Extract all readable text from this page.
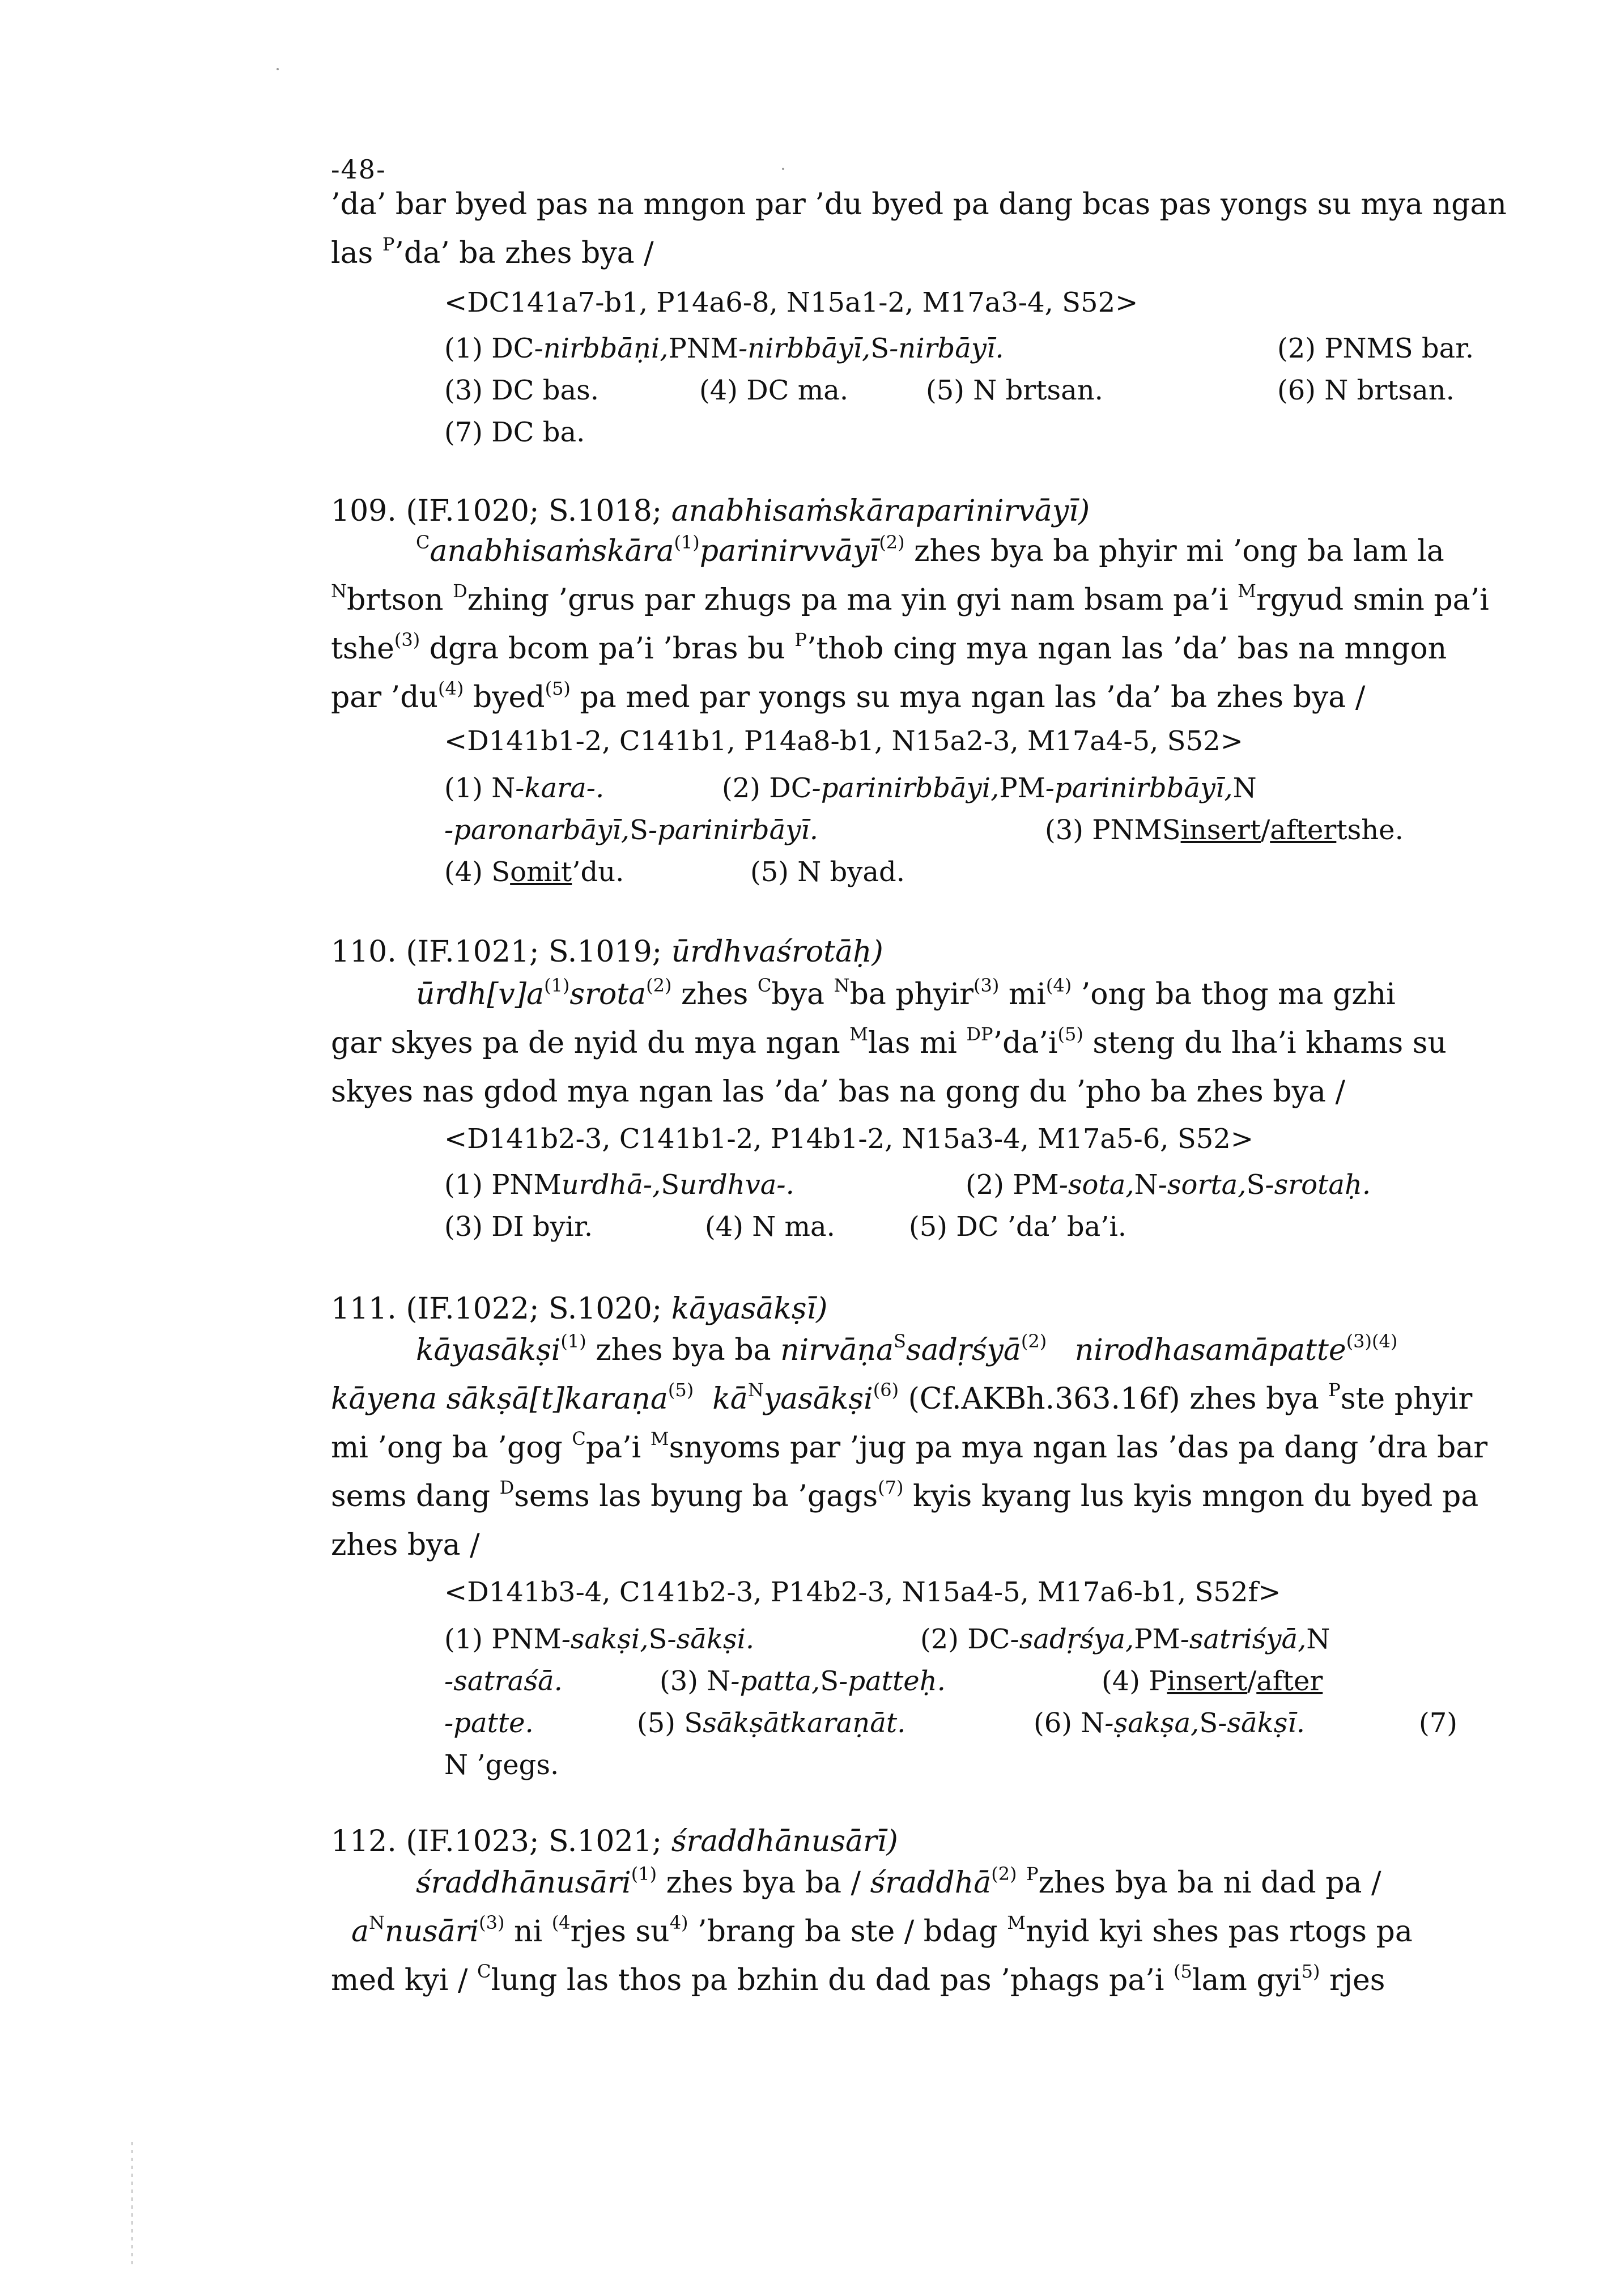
-48-

’da’ bar byed pas na mngon par ’du byed pa dang bcas pas yongs su mya ngan

las $^P$’da’ ba zhes bya /

<DC141a7-b1, P14a6-8, N15a1-2, M17a3-4, S52>
(1) DC-nirbbāṇi,PNM-nirbbāyī,S-nirbāyī.	(2) PNMS bar.
(3) DC bas.	(4) DC ma.	(5) N brtsan.	(6) N brtsan.
(7) DC ba.
109. (IF.1020; S.1018; anabhisaṁskāraparinirvāyī)

$^C$anabhisaṁskāra$^{(1)}$parinirvvāyī$^{(2)}$ zhes bya ba phyir mi ’ong ba lam la

$^N$brtson $^D$zhing ’grus par zhugs pa ma yin gyi nam bsam pa’i $^M$rgyud smin pa’i

tshe$^{(3)}$ dgra bcom pa’i ’bras bu $^P$’thob cing mya ngan las ’da’ bas na mngon

par $’du^{(4)}$ byed$^{(5)}$ pa med par yongs su mya ngan las ’da’ ba zhes bya /

<D141b1-2, C141b1, P14a8-b1, N15a2-3, M17a4-5, S52>
(1) N-kara-.	(2) DC-parinirbbāyi,PM-parinirbbāyī,N
-paronarbāyī,S-parinirbāyī.	(3) PNMSinsert/aftertshe.
(4) Somit’du.	(5) N byad.
110. (IF.1021; S.1019; ūrdhvaśrotāḥ)

$ūrdh[v]a^{(1)}srota^{(2)}$ zhes $^C$bya $^N$ba phyir$^{(3)}$ $mi^{(4)}$ ’ong ba thog ma gzhi

gar skyes pa de nyid du mya ngan $^M$las mi $^{DP}’da’i^{(5)}$ steng du lha’i khams su

skyes nas gdod mya ngan las ’da’ bas na gong du ’pho ba zhes bya /

<D141b2-3, C141b1-2, P14b1-2, N15a3-4, M17a5-6, S52>
(1) PNMurdhā-,Surdhva-.	(2) PM-sota,N-sorta,S-srotaḥ.
(3) DI byir.	(4) N ma.	(5) DC ’da’ ba’i.
111. (IF.1022; S.1020; kāyasākṣī)

kāyasākṣi$^{(1)}$ zhes bya ba nirvāṇa$^S$sadṛśyā$^{(2)}$ nirodhasamāpatte$^{(3)(4)}$

kāyena sākṣā[t]karaṇa$^{(5)}$ $kā^Nyasākṣi^{(6)}$ (Cf.AKBh.363.16f) zhes bya $^P$ste phyir

mi ’ong ba ’gog $^C$pa’i $^M$snyoms par ’jug pa mya ngan las ’das pa dang ’dra bar

sems dang $^D$sems las byung ba ’gags$^{(7)}$ kyis kyang lus kyis mngon du byed pa

zhes bya /

<D141b3-4, C141b2-3, P14b2-3, N15a4-5, M17a6-b1, S52f>
(1) PNM-sakṣi,S-sākṣi.	(2) DC-sadṛśya,PM-satriśyā,N
-satraśā.	(3) N-patta,S-patteḥ.	(4) Pinsert/after
-patte.	(5) Ssākṣātkaraṇāt.	(6) N-ṣakṣa,S-sākṣī.	(7)
N ’gegs.
112. (IF.1023; S.1021; śraddhānusārī)

śraddhānusāri$^{(1)}$ zhes bya ba / śraddhā$^{(2)}$ $^P$zhes bya ba ni dad pa /

$a^Nnusāri^{(3)}$ ni $^{(4}$rjes $su^{4)}$ ’brang ba ste / bdag $^M$nyid kyi shes pas rtogs pa

med kyi / $^C$lung las thos pa bzhin du dad pas ’phags pa’i $^{(5}$lam gyi$^{5)}$ rjes
